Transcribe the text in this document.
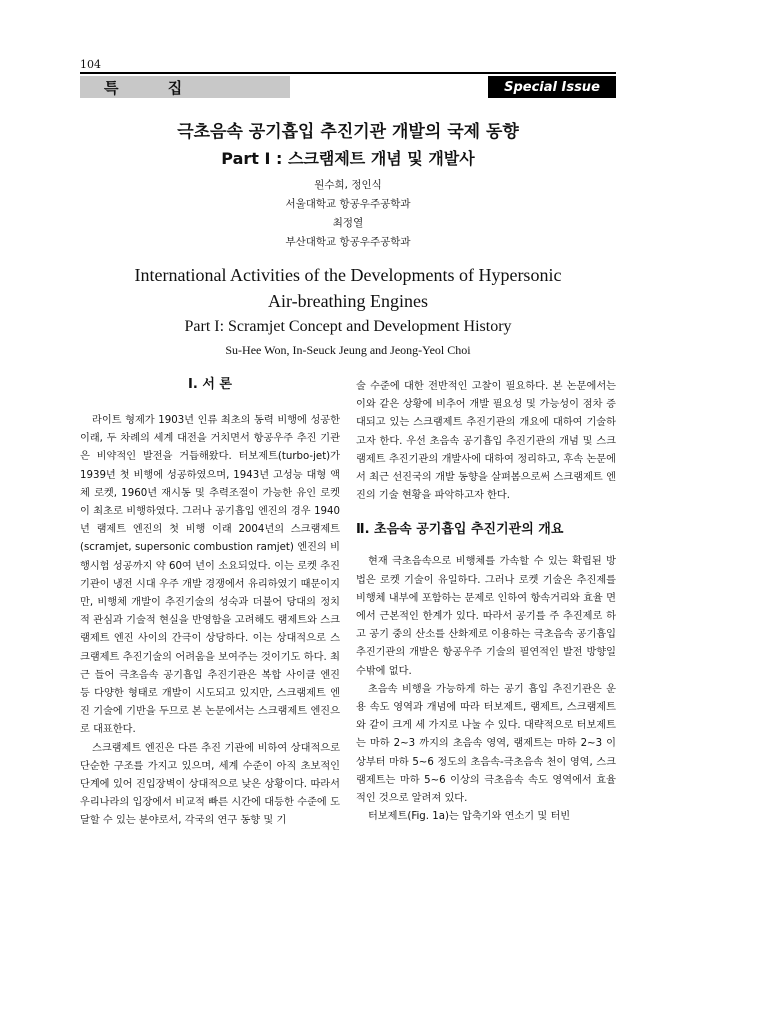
104
특 집	Special Issue

극초음속 공기흡입 추진기관 개발의 국제 동향

Part I : 스크램제트 개념 및 개발사

원수희, 정인식
서울대학교 항공우주공학과
최정열
부산대학교 항공우주공학과

International Activities of the Developments of Hypersonic

Air-breathing Engines

Part I: Scramjet Concept and Development History

Su-Hee Won, In-Seuck Jeung and Jeong-Yeol Choi

Ⅰ. 서 론

라이트 형제가 1903년 인류 최초의 동력 비행에 성공한 이래, 두 차례의 세계 대전을 거치면서 항공우주 추진 기관은 비약적인 발전을 거듭해왔다. 터보제트(turbo-jet)가 1939년 첫 비행에 성공하였으며, 1943년 고성능 대형 액체 로켓, 1960년 재시동 및 추력조절이 가능한 유인 로켓이 최초로 비행하였다. 그러나 공기흡입 엔진의 경우 1940년 램제트 엔진의 첫 비행 이래 2004년의 스크램제트(scramjet, supersonic combustion ramjet) 엔진의 비행시험 성공까지 약 60여 년이 소요되었다. 이는 로켓 추진기관이 냉전 시대 우주 개발 경쟁에서 유리하였기 때문이지만, 비행체 개발이 추진기술의 성숙과 더불어 당대의 정치적 관심과 기술적 현실을 반영함을 고려해도 램제트와 스크램제트 엔진 사이의 간극이 상당하다. 이는 상대적으로 스크램제트 추진기술의 어려움을 보여주는 것이기도 하다. 최근 들어 극초음속 공기흡입 추진기관은 복합 사이클 엔진 등 다양한 형태로 개발이 시도되고 있지만, 스크램제트 엔진 기술에 기반을 두므로 본 논문에서는 스크램제트 엔진으로 대표한다.

스크램제트 엔진은 다른 추진 기관에 비하여 상대적으로 단순한 구조를 가지고 있으며, 세계 수준이 아직 초보적인 단계에 있어 진입장벽이 상대적으로 낮은 상황이다. 따라서 우리나라의 입장에서 비교적 빠른 시간에 대등한 수준에 도달할 수 있는 분야로서, 각국의 연구 동향 및 기

술 수준에 대한 전반적인 고찰이 필요하다. 본 논문에서는 이와 같은 상황에 비추어 개발 필요성 및 가능성이 점차 증대되고 있는 스크램제트 추진기관의 개요에 대하여 기술하고자 한다. 우선 초음속 공기흡입 추진기관의 개념 및 스크램제트 추진기관의 개발사에 대하여 정리하고, 후속 논문에서 최근 선진국의 개발 동향을 살펴봄으로써 스크램제트 엔진의 기술 현황을 파악하고자 한다.

Ⅱ. 초음속 공기흡입 추진기관의 개요

현재 극초음속으로 비행체를 가속할 수 있는 확립된 방법은 로켓 기술이 유일하다. 그러나 로켓 기술은 추진제를 비행체 내부에 포함하는 문제로 인하여 항속거리와 효율 면에서 근본적인 한계가 있다. 따라서 공기를 주 추진제로 하고 공기 중의 산소를 산화제로 이용하는 극초음속 공기흡입 추진기관의 개발은 항공우주 기술의 필연적인 발전 방향일 수밖에 없다.

초음속 비행을 가능하게 하는 공기 흡입 추진기관은 운용 속도 영역과 개념에 따라 터보제트, 램제트, 스크램제트와 같이 크게 세 가지로 나눌 수 있다. 대략적으로 터보제트는 마하 2~3 까지의 초음속 영역, 램제트는 마하 2~3 이상부터 마하 5~6 정도의 초음속-극초음속 천이 영역, 스크램제트는 마하 5~6 이상의 극초음속 속도 영역에서 효율적인 것으로 알려져 있다.

터보제트(Fig. 1a)는 압축기와 연소기 및 터빈
